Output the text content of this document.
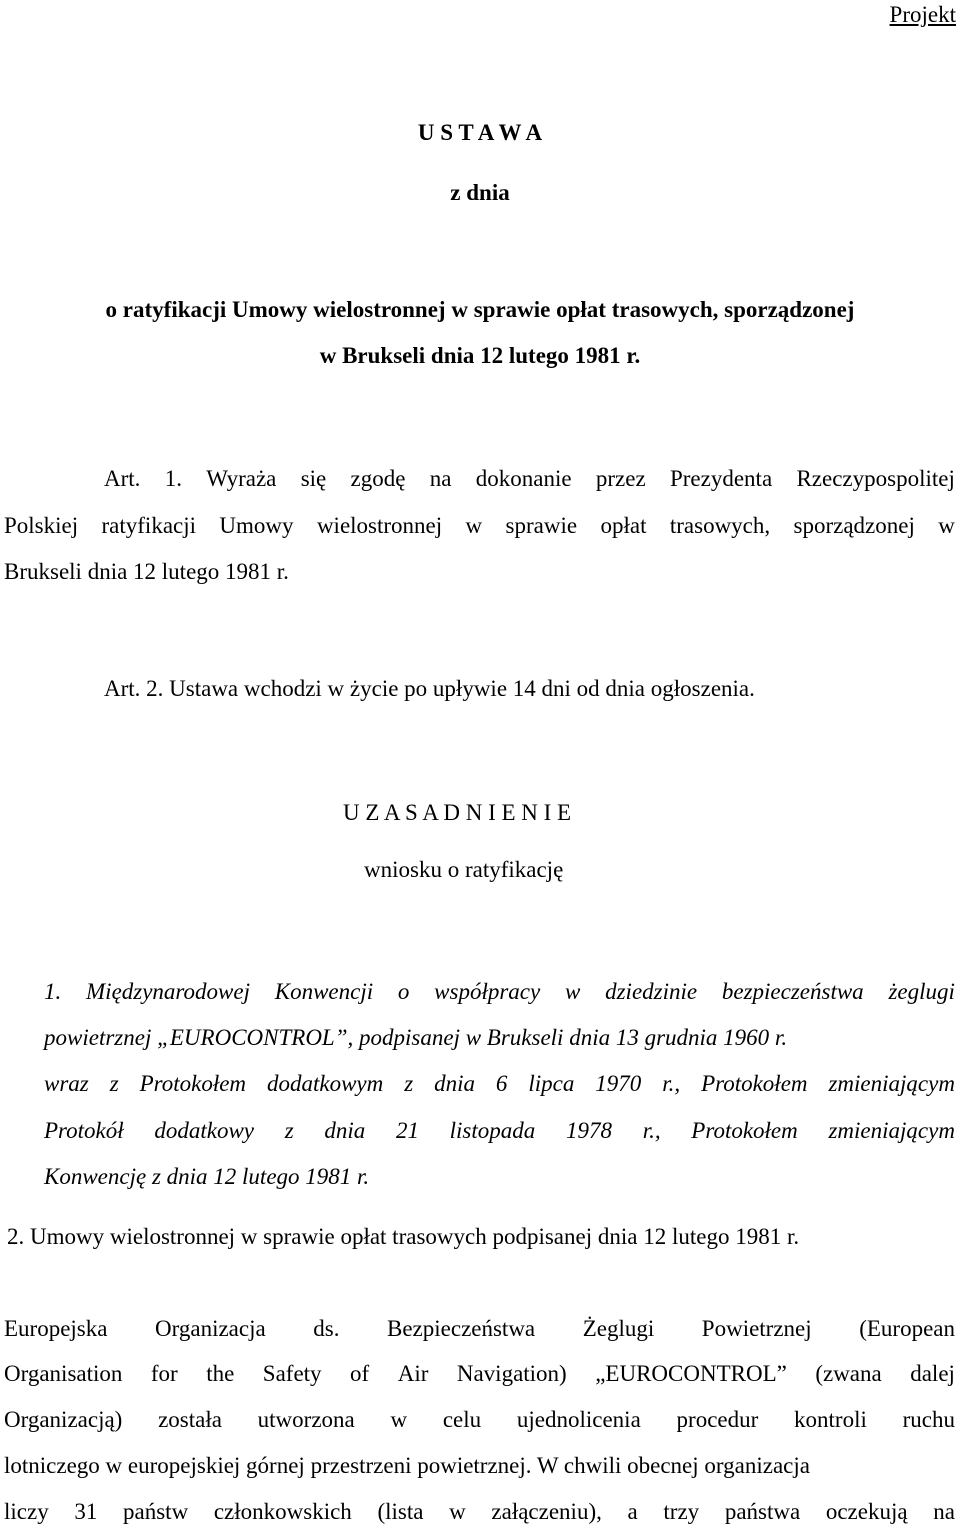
Projekt
U S T A W A
z dnia
o ratyfikacji Umowy wielostronnej w sprawie opłat trasowych, sporządzonej
w Brukseli dnia 12 lutego 1981 r.
Art. 1. Wyraża się zgodę na dokonanie przez Prezydenta Rzeczypospolitej
Polskiej ratyfikacji Umowy wielostronnej w sprawie opłat trasowych, sporządzonej w
Brukseli dnia 12 lutego 1981 r.
Art. 2. Ustawa wchodzi w życie po upływie 14 dni od dnia ogłoszenia.
U Z A S A D N I E N I E
wniosku o ratyfikację
1. Międzynarodowej Konwencji o współpracy w dziedzinie bezpieczeństwa żeglugi
powietrznej „EUROCONTROL”, podpisanej w Brukseli dnia 13 grudnia 1960 r.
wraz z Protokołem dodatkowym z dnia 6 lipca 1970 r., Protokołem zmieniającym
Protokół dodatkowy z dnia 21 listopada 1978 r., Protokołem zmieniającym
Konwencję z dnia 12 lutego 1981 r.
2. Umowy wielostronnej w sprawie opłat trasowych podpisanej dnia 12 lutego 1981 r.
Europejska Organizacja ds. Bezpieczeństwa Żeglugi Powietrznej (European
Organisation for the Safety of Air Navigation) „EUROCONTROL” (zwana dalej
Organizacją) została utworzona w celu ujednolicenia procedur kontroli ruchu
lotniczego w europejskiej górnej przestrzeni powietrznej. W chwili obecnej organizacja
liczy 31 państw członkowskich (lista w załączeniu), a trzy państwa oczekują na
